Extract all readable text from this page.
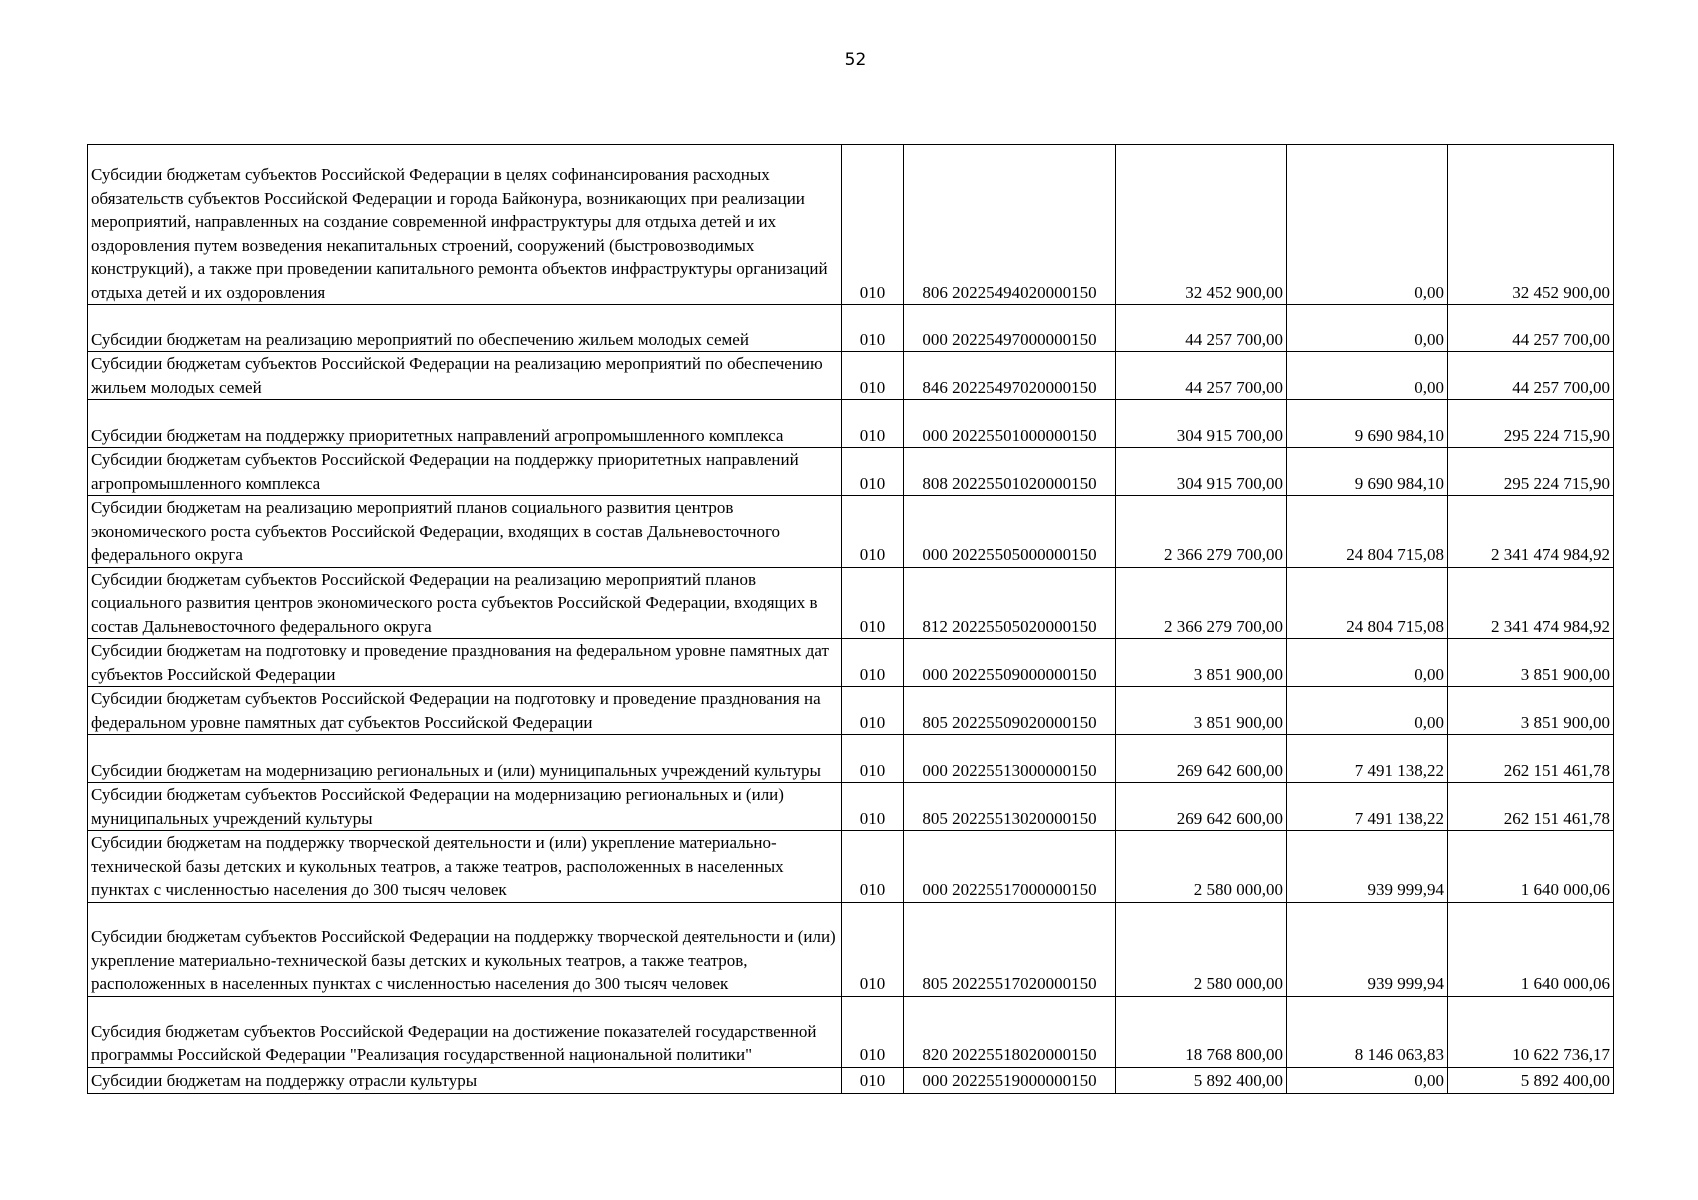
52
Субсидии бюджетам субъектов Российской Федерации в целях софинансирования расходных обязательств субъектов Российской Федерации и города Байконура, возникающих при реализации мероприятий, направленных на создание современной инфраструктуры для отдыха детей и их оздоровления путем возведения некапитальных строений, сооружений (быстровозводимых конструкций), а также при проведении капитального ремонта объектов инфраструктуры организаций отдыха детей и их оздоровления	010	806 20225494020000150	32 452 900,00	0,00	32 452 900,00
Субсидии бюджетам на реализацию мероприятий по обеспечению жильем молодых семей	010	000 20225497000000150	44 257 700,00	0,00	44 257 700,00
Субсидии бюджетам субъектов Российской Федерации на реализацию мероприятий по обеспечению жильем молодых семей	010	846 20225497020000150	44 257 700,00	0,00	44 257 700,00
Субсидии бюджетам на поддержку приоритетных направлений агропромышленного комплекса	010	000 20225501000000150	304 915 700,00	9 690 984,10	295 224 715,90
Субсидии бюджетам субъектов Российской Федерации на поддержку приоритетных направлений агропромышленного комплекса	010	808 20225501020000150	304 915 700,00	9 690 984,10	295 224 715,90
Субсидии бюджетам на реализацию мероприятий планов социального развития центров экономического роста субъектов Российской Федерации, входящих в состав Дальневосточного федерального округа	010	000 20225505000000150	2 366 279 700,00	24 804 715,08	2 341 474 984,92
Субсидии бюджетам субъектов Российской Федерации на реализацию мероприятий планов социального развития центров экономического роста субъектов Российской Федерации, входящих в состав Дальневосточного федерального округа	010	812 20225505020000150	2 366 279 700,00	24 804 715,08	2 341 474 984,92
Субсидии бюджетам на подготовку и проведение празднования на федеральном уровне памятных дат субъектов Российской Федерации	010	000 20225509000000150	3 851 900,00	0,00	3 851 900,00
Субсидии бюджетам субъектов Российской Федерации на подготовку и проведение празднования на федеральном уровне памятных дат субъектов Российской Федерации	010	805 20225509020000150	3 851 900,00	0,00	3 851 900,00
Субсидии бюджетам на модернизацию региональных и (или) муниципальных учреждений культуры	010	000 20225513000000150	269 642 600,00	7 491 138,22	262 151 461,78
Субсидии бюджетам субъектов Российской Федерации на модернизацию региональных и (или) муниципальных учреждений культуры	010	805 20225513020000150	269 642 600,00	7 491 138,22	262 151 461,78
Субсидии бюджетам на поддержку творческой деятельности и (или) укрепление материально-технической базы детских и кукольных театров, а также театров, расположенных в населенных пунктах с численностью населения до 300 тысяч человек	010	000 20225517000000150	2 580 000,00	939 999,94	1 640 000,06
Субсидии бюджетам субъектов Российской Федерации на поддержку творческой деятельности и (или) укрепление материально-технической базы детских и кукольных театров, а также театров, расположенных в населенных пунктах с численностью населения до 300 тысяч человек	010	805 20225517020000150	2 580 000,00	939 999,94	1 640 000,06
Субсидия бюджетам субъектов Российской Федерации на достижение показателей государственной программы Российской Федерации "Реализация государственной национальной политики"	010	820 20225518020000150	18 768 800,00	8 146 063,83	10 622 736,17
Субсидии бюджетам на поддержку отрасли культуры	010	000 20225519000000150	5 892 400,00	0,00	5 892 400,00
